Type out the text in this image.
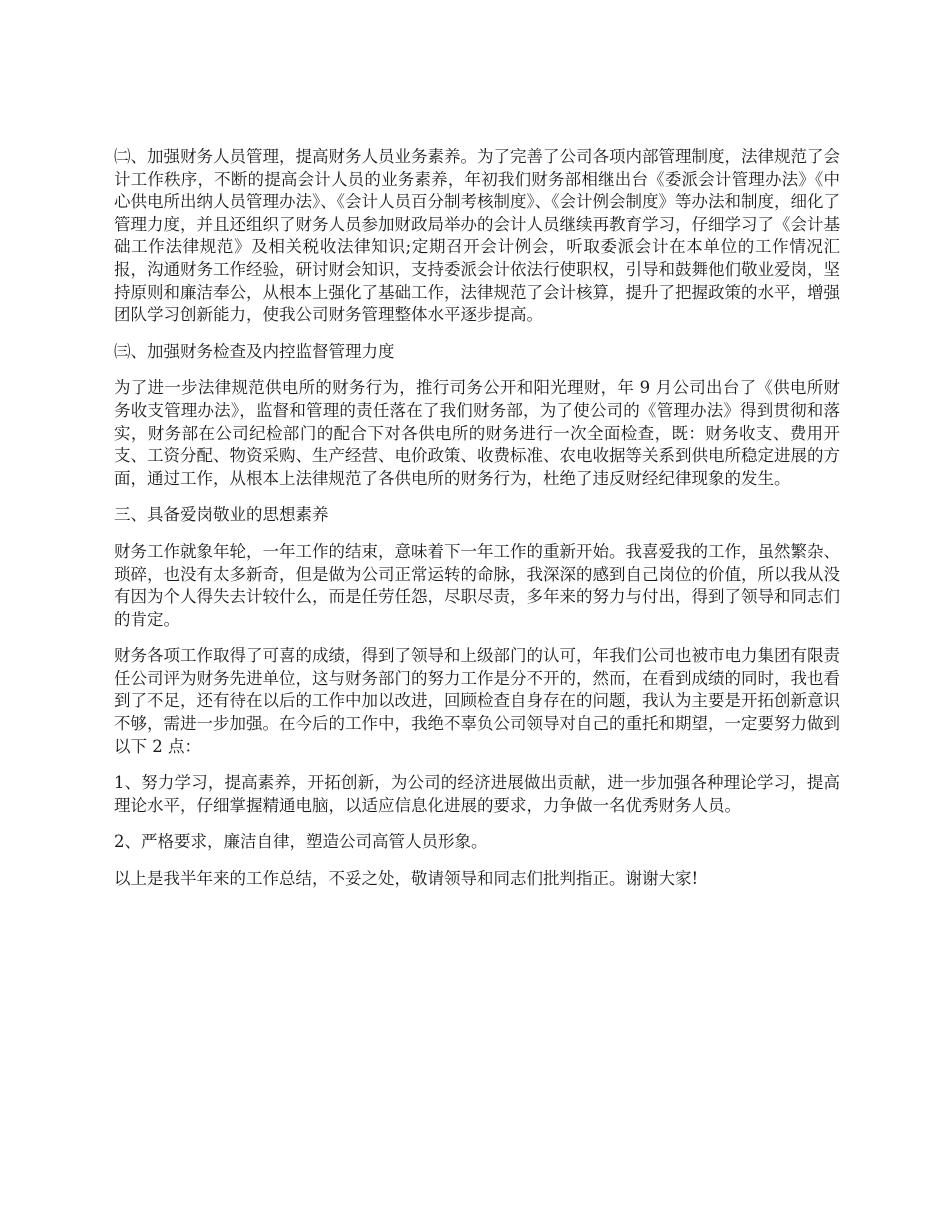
㈡、加强财务人员管理，提高财务人员业务素养。为了完善了公司各项内部管理制度，法律规范了会计工作秩序，不断的提高会计人员的业务素养，年初我们财务部相继出台《委派会计管理办法》《中心供电所出纳人员管理办法》、《会计人员百分制考核制度》、《会计例会制度》等办法和制度，细化了管理力度，并且还组织了财务人员参加财政局举办的会计人员继续再教育学习，仔细学习了《会计基础工作法律规范》及相关税收法律知识;定期召开会计例会，听取委派会计在本单位的工作情况汇报，沟通财务工作经验，研讨财会知识，支持委派会计依法行使职权，引导和鼓舞他们敬业爱岗，坚持原则和廉洁奉公，从根本上强化了基础工作，法律规范了会计核算，提升了把握政策的水平，增强团队学习创新能力，使我公司财务管理整体水平逐步提高。

㈢、加强财务检查及内控监督管理力度

为了进一步法律规范供电所的财务行为，推行司务公开和阳光理财，年 9 月公司出台了《供电所财务收支管理办法》，监督和管理的责任落在了我们财务部，为了使公司的《管理办法》得到贯彻和落实，财务部在公司纪检部门的配合下对各供电所的财务进行一次全面检查，既：财务收支、费用开支、工资分配、物资采购、生产经营、电价政策、收费标准、农电收据等关系到供电所稳定进展的方面，通过工作，从根本上法律规范了各供电所的财务行为，杜绝了违反财经纪律现象的发生。

三、具备爱岗敬业的思想素养

财务工作就象年轮，一年工作的结束，意味着下一年工作的重新开始。我喜爱我的工作，虽然繁杂、琐碎，也没有太多新奇，但是做为公司正常运转的命脉，我深深的感到自己岗位的价值，所以我从没有因为个人得失去计较什么，而是任劳任怨，尽职尽责，多年来的努力与付出，得到了领导和同志们的肯定。

财务各项工作取得了可喜的成绩，得到了领导和上级部门的认可，年我们公司也被市电力集团有限责任公司评为财务先进单位，这与财务部门的努力工作是分不开的，然而，在看到成绩的同时，我也看到了不足，还有待在以后的工作中加以改进，回顾检查自身存在的问题，我认为主要是开拓创新意识不够，需进一步加强。在今后的工作中，我绝不辜负公司领导对自己的重托和期望，一定要努力做到以下 2 点：

1、努力学习，提高素养，开拓创新，为公司的经济进展做出贡献，进一步加强各种理论学习，提高理论水平，仔细掌握精通电脑，以适应信息化进展的要求，力争做一名优秀财务人员。

2、严格要求，廉洁自律，塑造公司高管人员形象。

以上是我半年来的工作总结，不妥之处，敬请领导和同志们批判指正。谢谢大家!
